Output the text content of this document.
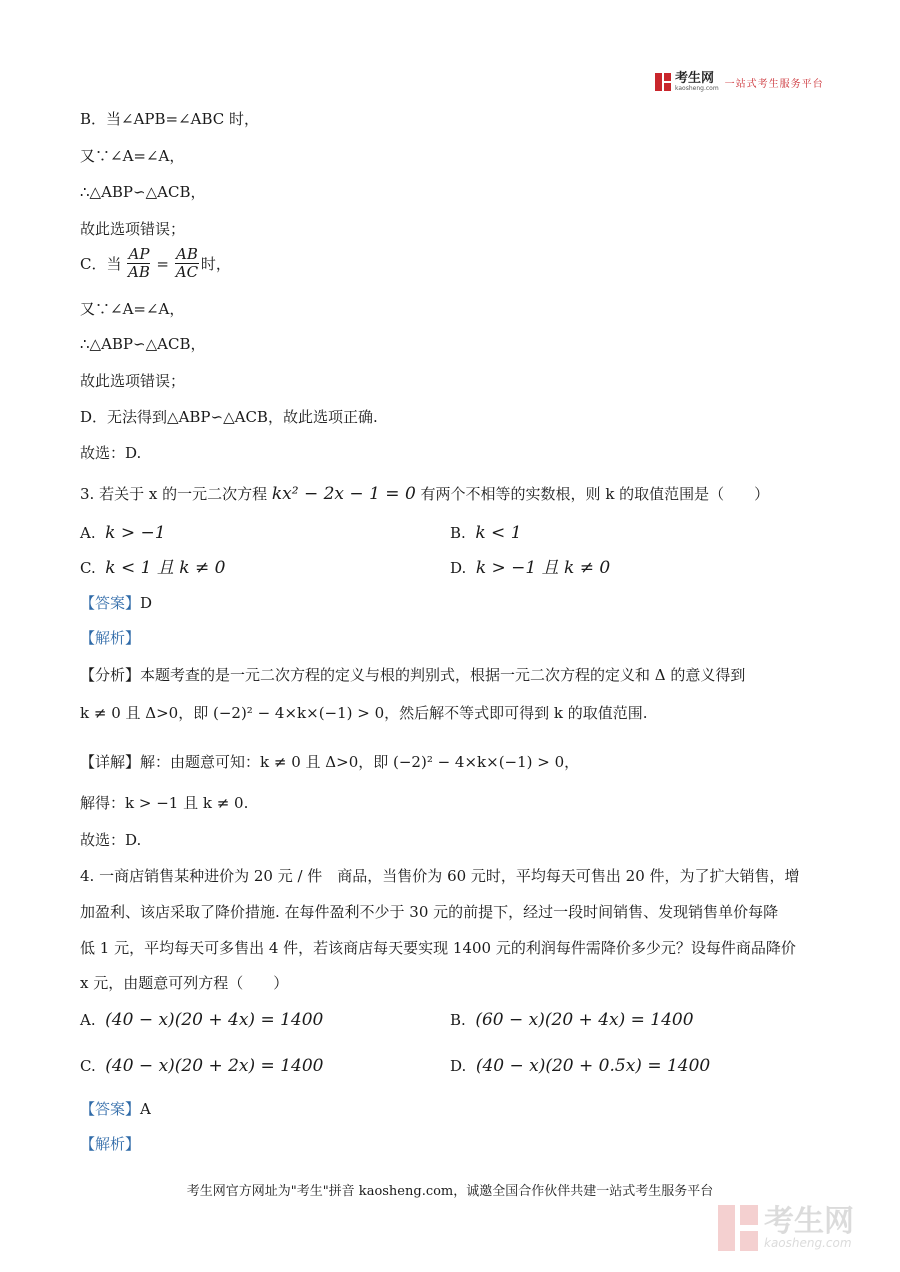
考生网
kaosheng.com 一站式考生服务平台
B．当∠APB=∠ABC 时，
又∵∠A=∠A，
∴△ABP∽△ACB，
故此选项错误；
C．当 $\frac{AP}{AB} = \frac{AB}{AC}$ 时，
又∵∠A=∠A，
∴△ABP∽△ACB，
故此选项错误；
D．无法得到△ABP∽△ACB，故此选项正确.
故选：D.
3. 若关于 x 的一元二次方程 kx² − 2x − 1 = 0 有两个不相等的实数根，则 k 的取值范围是（　　）
A. k > −1	B. k < 1
C. k < 1 且 k ≠ 0	D. k > −1 且 k ≠ 0
【答案】D
【解析】
【分析】本题考查的是一元二次方程的定义与根的判别式，根据一元二次方程的定义和 Δ 的意义得到
k ≠ 0 且 Δ>0，即 (−2)² − 4×k×(−1) > 0，然后解不等式即可得到 k 的取值范围.
【详解】解：由题意可知：k ≠ 0 且 Δ>0，即 (−2)² − 4×k×(−1) > 0，
解得：k > −1 且 k ≠ 0.
故选：D.
4. 一商店销售某种进价为 20 元 / 件　商品，当售价为 60 元时，平均每天可售出 20 件，为了扩大销售，增
加盈利、该店采取了降价措施. 在每件盈利不少于 30 元的前提下，经过一段时间销售、发现销售单价每降
低 1 元，平均每天可多售出 4 件，若该商店每天要实现 1400 元的利润每件需降价多少元？设每件商品降价
x 元，由题意可列方程（　　）
A. (40 − x)(20 + 4x) = 1400	B. (60 − x)(20 + 4x) = 1400
C. (40 − x)(20 + 2x) = 1400	D. (40 − x)(20 + 0.5x) = 1400
【答案】A
【解析】
考生网官方网址为"考生"拼音 kaosheng.com，诚邀全国合作伙伴共建一站式考生服务平台
考生网
kaosheng.com
